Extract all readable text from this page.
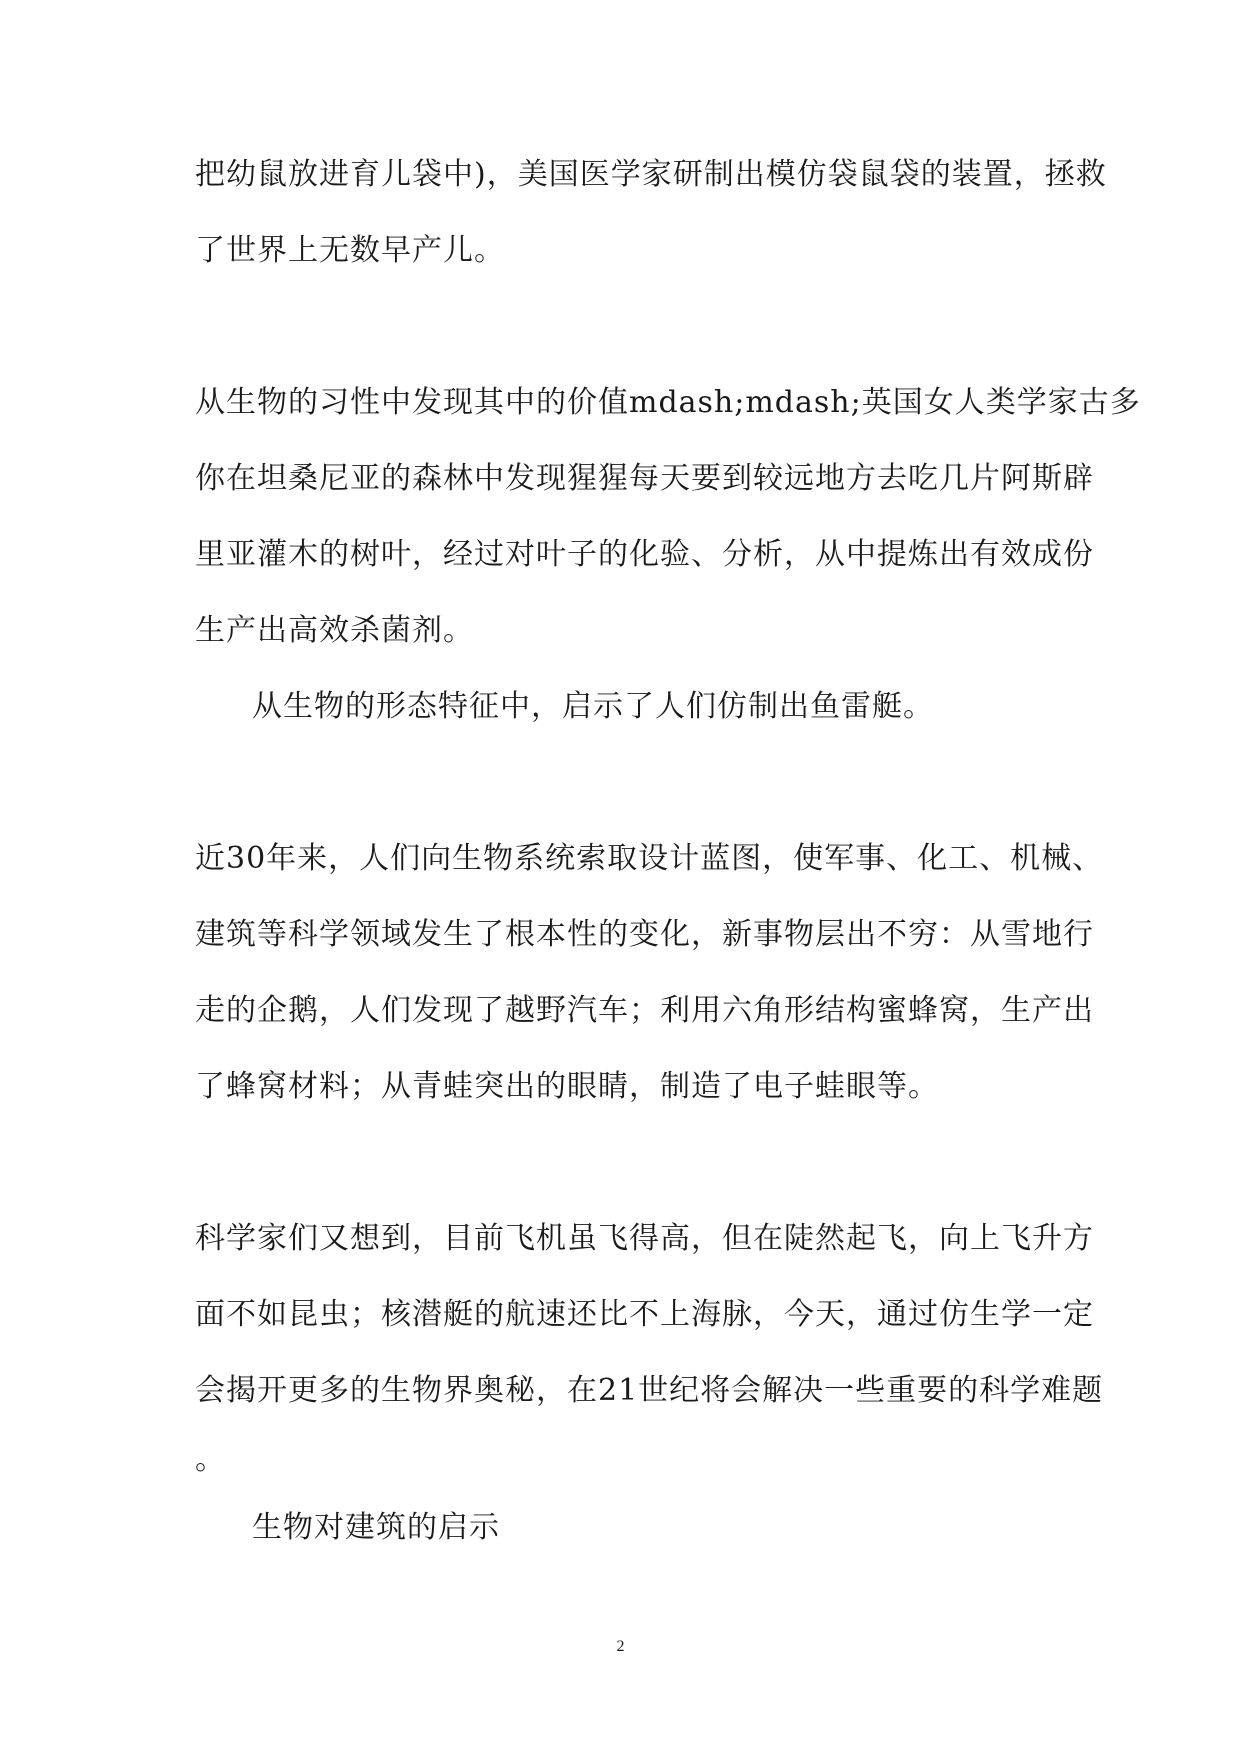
把幼鼠放进育儿袋中)，美国医学家研制出模仿袋鼠袋的装置，拯救
了世界上无数早产儿。
从生物的习性中发现其中的价值mdash;mdash;英国女人类学家古多
你在坦桑尼亚的森林中发现猩猩每天要到较远地方去吃几片阿斯辟
里亚灌木的树叶，经过对叶子的化验、分析，从中提炼出有效成份
生产出高效杀菌剂。
从生物的形态特征中，启示了人们仿制出鱼雷艇。
近30年来，人们向生物系统索取设计蓝图，使军事、化工、机械、
建筑等科学领域发生了根本性的变化，新事物层出不穷：从雪地行
走的企鹅，人们发现了越野汽车；利用六角形结构蜜蜂窝，生产出
了蜂窝材料；从青蛙突出的眼睛，制造了电子蛙眼等。
科学家们又想到，目前飞机虽飞得高，但在陡然起飞，向上飞升方
面不如昆虫；核潜艇的航速还比不上海脉，今天，通过仿生学一定
会揭开更多的生物界奥秘，在21世纪将会解决一些重要的科学难题
。
生物对建筑的启示
2
